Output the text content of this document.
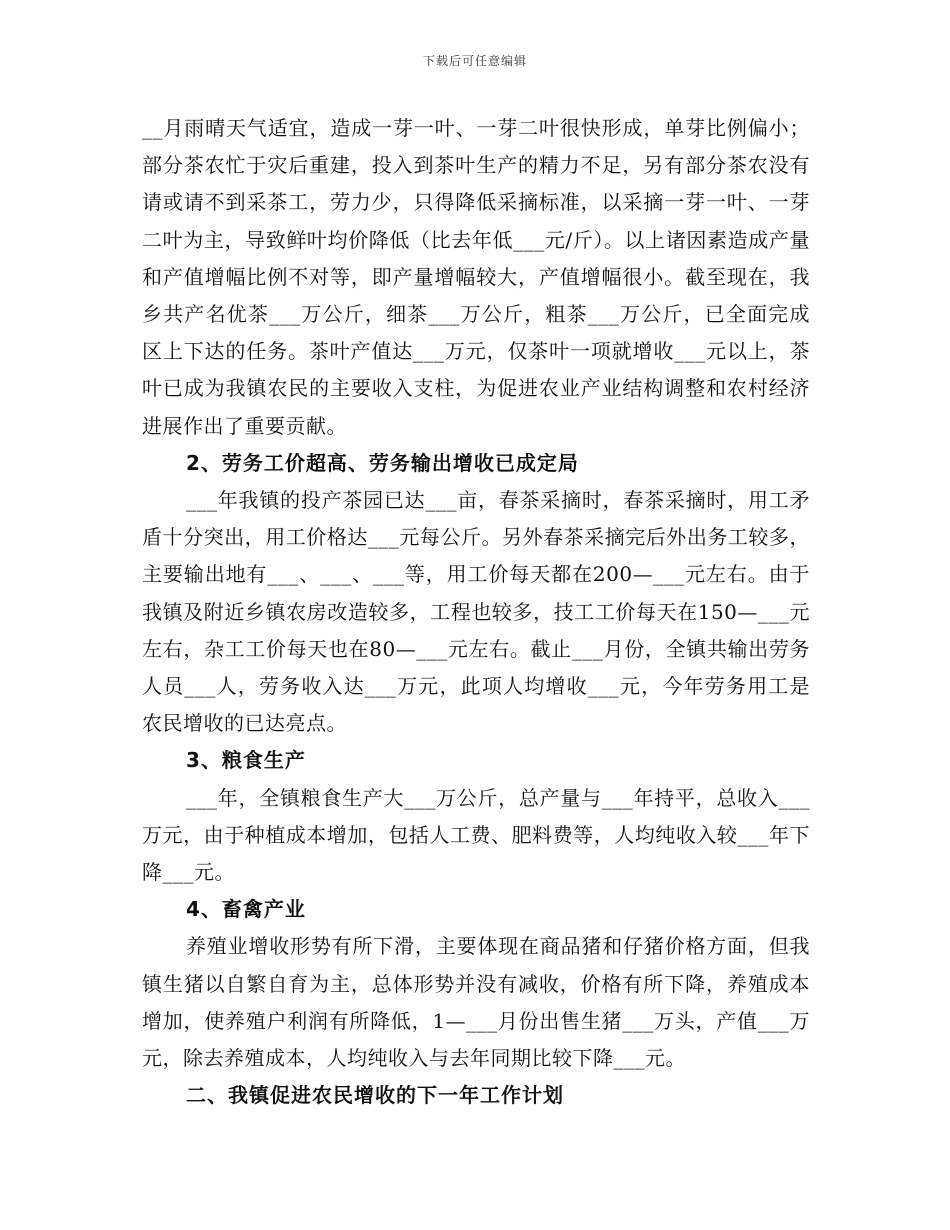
下载后可任意编辑

__月雨晴天气适宜，造成一芽一叶、一芽二叶很快形成，单芽比例偏小；部分茶农忙于灾后重建，投入到茶叶生产的精力不足，另有部分茶农没有请或请不到采茶工，劳力少，只得降低采摘标准，以采摘一芽一叶、一芽二叶为主，导致鲜叶均价降低（比去年低___元/斤）。以上诸因素造成产量和产值增幅比例不对等，即产量增幅较大，产值增幅很小。截至现在，我乡共产名优茶___万公斤，细茶___万公斤，粗茶___万公斤，已全面完成区上下达的任务。茶叶产值达___万元，仅茶叶一项就增收___元以上，茶叶已成为我镇农民的主要收入支柱，为促进农业产业结构调整和农村经济进展作出了重要贡献。

2、劳务工价超高、劳务输出增收已成定局

___年我镇的投产茶园已达___亩，春茶采摘时，春茶采摘时，用工矛盾十分突出，用工价格达___元每公斤。另外春茶采摘完后外出务工较多，主要输出地有___、___、___等，用工价每天都在200—___元左右。由于我镇及附近乡镇农房改造较多，工程也较多，技工工价每天在150—___元左右，杂工工价每天也在80—___元左右。截止___月份，全镇共输出劳务人员___人，劳务收入达___万元，此项人均增收___元，今年劳务用工是农民增收的已达亮点。

3、粮食生产

___年，全镇粮食生产大___万公斤，总产量与___年持平，总收入___万元，由于种植成本增加，包括人工费、肥料费等，人均纯收入较___年下降___元。

4、畜禽产业

养殖业增收形势有所下滑，主要体现在商品猪和仔猪价格方面，但我镇生猪以自繁自育为主，总体形势并没有减收，价格有所下降，养殖成本增加，使养殖户利润有所降低，1—___月份出售生猪___万头，产值___万元，除去养殖成本，人均纯收入与去年同期比较下降___元。

二、我镇促进农民增收的下一年工作计划
